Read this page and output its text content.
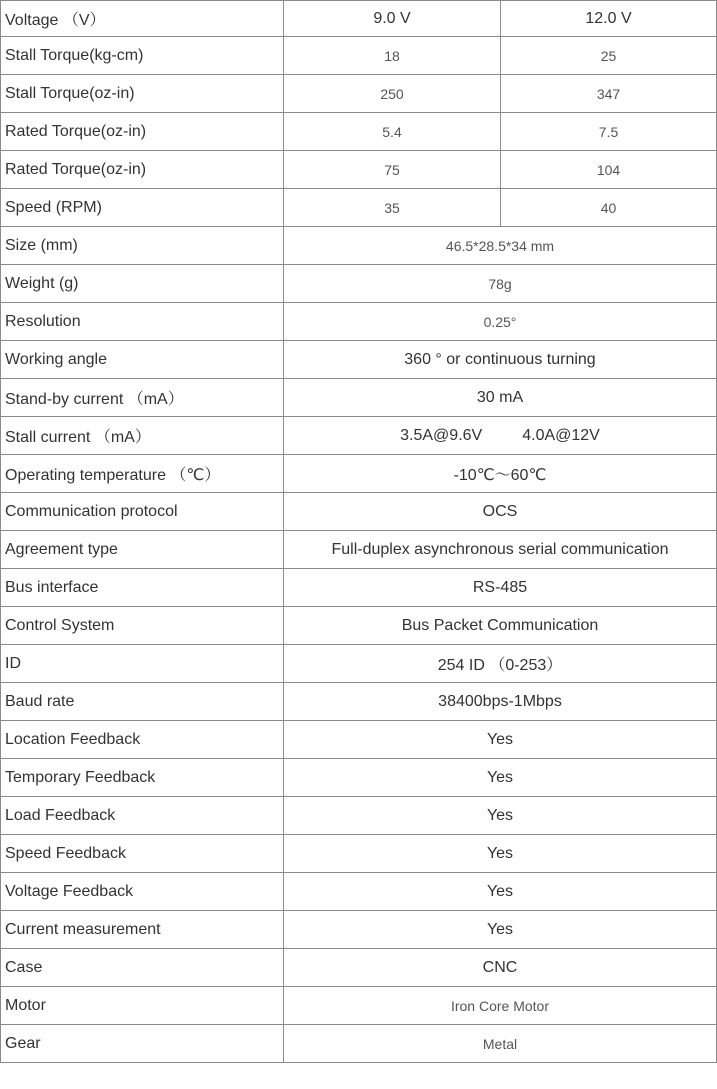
Voltage （V）	9.0 V	12.0 V
Stall Torque(kg-cm)	18	25
Stall Torque(oz-in)	250	347
Rated Torque(oz-in)	5.4	7.5
Rated Torque(oz-in)	75	104
Speed (RPM)	35	40
Size (mm)	46.5*28.5*34 mm	
Weight (g)	78g	
Resolution	0.25°	
Working angle	360 ° or continuous turning	
Stand-by current （mA）	30 mA	
Stall current （mA）	3.5A@9.6V 4.0A@12V	
Operating temperature （℃）	-10℃～60℃	
Communication protocol	OCS	
Agreement type	Full-duplex asynchronous serial communication	
Bus interface	RS-485	
Control System	Bus Packet Communication	
ID	254 ID （0-253）	
Baud rate	38400bps-1Mbps	
Location Feedback	Yes	
Temporary Feedback	Yes	
Load Feedback	Yes	
Speed Feedback	Yes	
Voltage Feedback	Yes	
Current measurement	Yes	
Case	CNC	
Motor	Iron Core Motor	
Gear	Metal	
